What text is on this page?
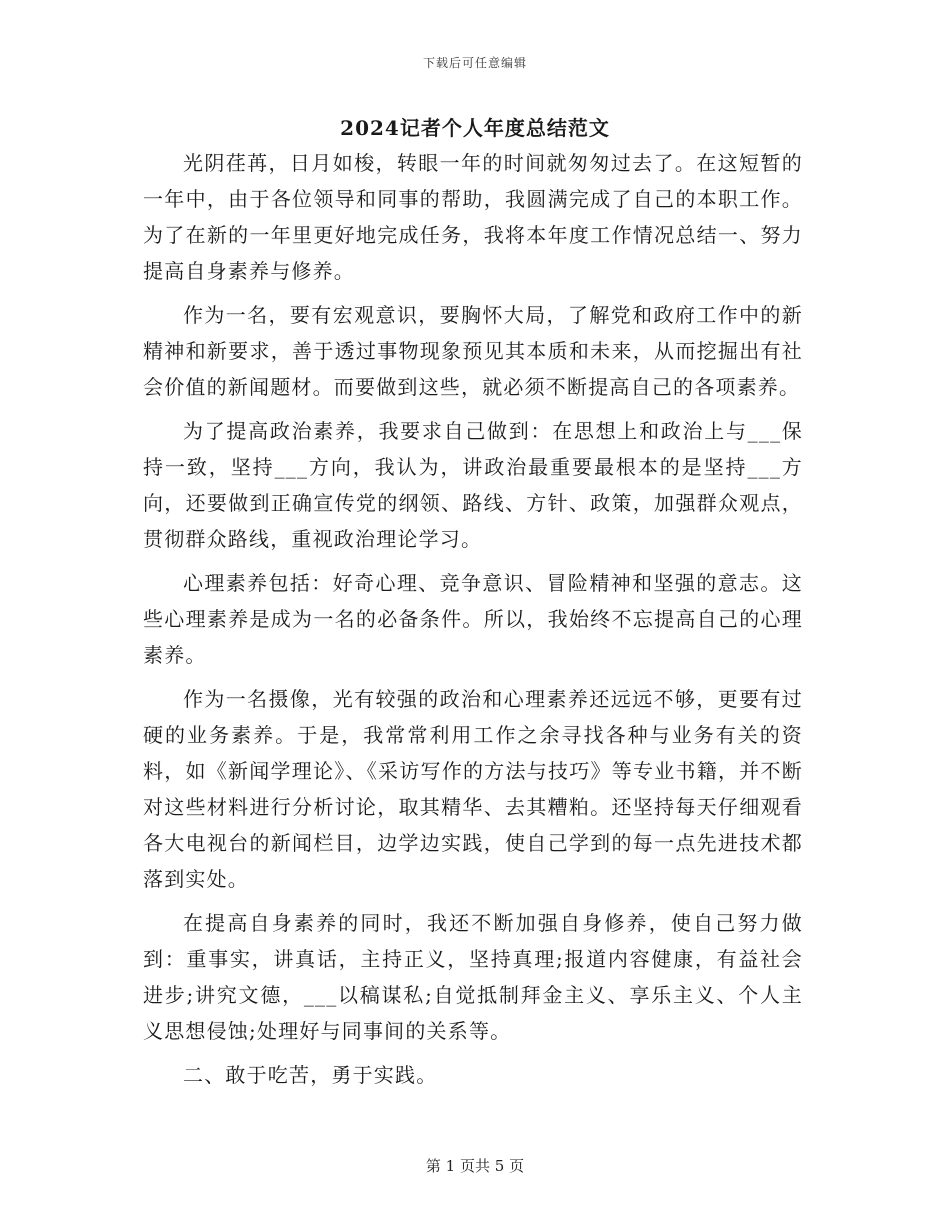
下载后可任意编辑
2024记者个人年度总结范文

光阴荏苒，日月如梭，转眼一年的时间就匆匆过去了。在这短暂的一年中，由于各位领导和同事的帮助，我圆满完成了自己的本职工作。为了在新的一年里更好地完成任务，我将本年度工作情况总结一、努力提高自身素养与修养。

作为一名，要有宏观意识，要胸怀大局，了解党和政府工作中的新精神和新要求，善于透过事物现象预见其本质和未来，从而挖掘出有社会价值的新闻题材。而要做到这些，就必须不断提高自己的各项素养。

为了提高政治素养，我要求自己做到：在思想上和政治上与___保持一致，坚持___方向，我认为，讲政治最重要最根本的是坚持___方向，还要做到正确宣传党的纲领、路线、方针、政策，加强群众观点，贯彻群众路线，重视政治理论学习。

心理素养包括：好奇心理、竞争意识、冒险精神和坚强的意志。这些心理素养是成为一名的必备条件。所以，我始终不忘提高自己的心理素养。

作为一名摄像，光有较强的政治和心理素养还远远不够，更要有过硬的业务素养。于是，我常常利用工作之余寻找各种与业务有关的资料，如《新闻学理论》、《采访写作的方法与技巧》等专业书籍，并不断对这些材料进行分析讨论，取其精华、去其糟粕。还坚持每天仔细观看各大电视台的新闻栏目，边学边实践，使自己学到的每一点先进技术都落到实处。

在提高自身素养的同时，我还不断加强自身修养，使自己努力做到：重事实，讲真话，主持正义，坚持真理;报道内容健康，有益社会进步;讲究文德，___以稿谋私;自觉抵制拜金主义、享乐主义、个人主义思想侵蚀;处理好与同事间的关系等。

二、敢于吃苦，勇于实践。

第 1 页共 5 页
